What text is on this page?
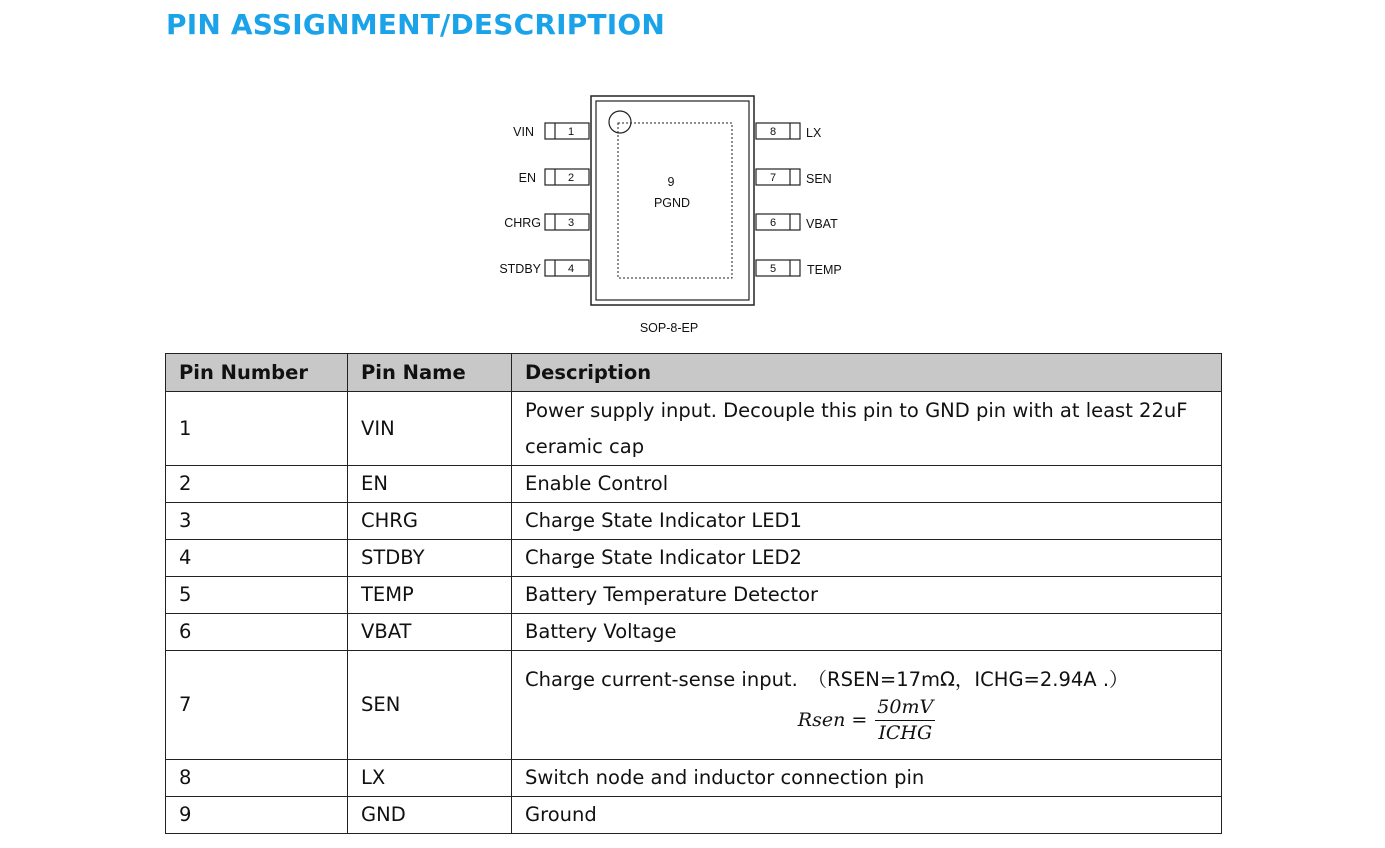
PIN ASSIGNMENT/DESCRIPTION
9
PGND
1
VIN
2
EN
3
CHRG
4
STDBY
8 LX
7 SEN
6 VBAT
5 TEMP
SOP-8-EP
Pin Number	Pin Name	Description
1	VIN	Power supply input. Decouple this pin to GND pin with at least 22uF ceramic cap
2	EN	Enable Control
3	CHRG	Charge State Indicator LED1
4	STDBY	Charge State Indicator LED2
5	TEMP	Battery Temperature Detector
6	VBAT	Battery Voltage
7	SEN	Charge current-sense input.　（RSEN=17mΩ，ICHG=2.94A .）
Rsen = $\frac{50mV}{\text{ICHG}}$

8	LX	Switch node and inductor connection pin
9	GND	Ground
